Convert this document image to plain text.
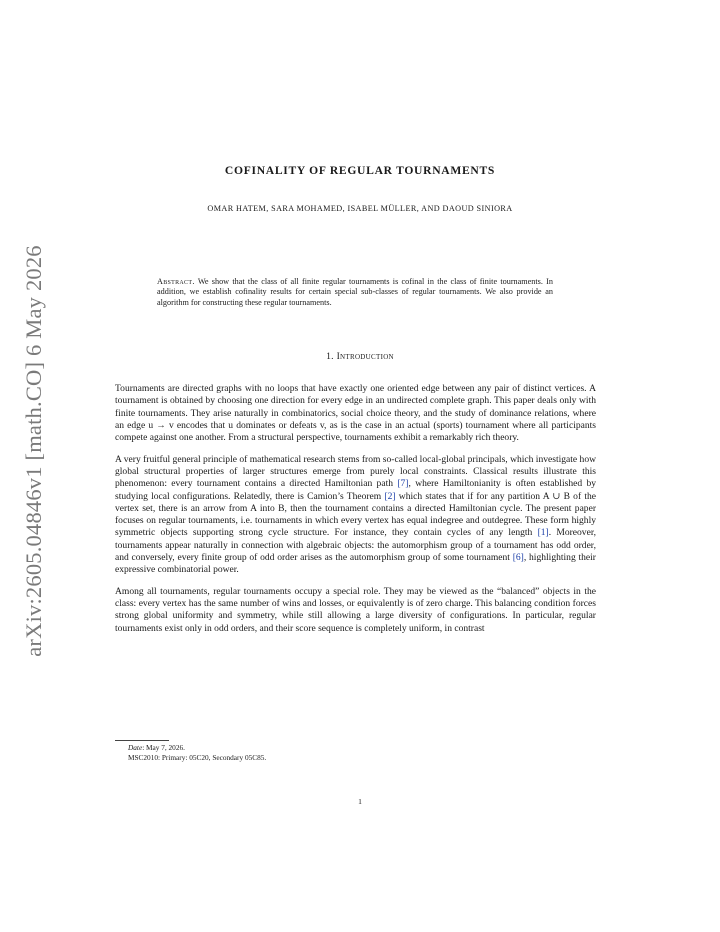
arXiv:2605.04846v1 [math.CO] 6 May 2026
COFINALITY OF REGULAR TOURNAMENTS
OMAR HATEM, SARA MOHAMED, ISABEL MÜLLER, AND DAOUD SINIORA
Abstract. We show that the class of all finite regular tournaments is cofinal in the class of finite tournaments. In addition, we establish cofinality results for certain special sub-classes of regular tournaments. We also provide an algorithm for constructing these regular tournaments.
1. Introduction

Tournaments are directed graphs with no loops that have exactly one oriented edge between any pair of distinct vertices. A tournament is obtained by choosing one direction for every edge in an undirected complete graph. This paper deals only with finite tournaments. They arise naturally in combinatorics, social choice theory, and the study of dominance relations, where an edge u → v encodes that u dominates or defeats v, as is the case in an actual (sports) tournament where all participants compete against one another. From a structural perspective, tournaments exhibit a remarkably rich theory.

A very fruitful general principle of mathematical research stems from so-called local-global principals, which investigate how global structural properties of larger structures emerge from purely local constraints. Classical results illustrate this phenomenon: every tournament contains a directed Hamiltonian path [7], where Hamiltonianity is often established by studying local configurations. Relatedly, there is Camion’s Theorem [2] which states that if for any partition A ∪ B of the vertex set, there is an arrow from A into B, then the tournament contains a directed Hamiltonian cycle. The present paper focuses on regular tournaments, i.e. tournaments in which every vertex has equal indegree and outdegree. These form highly symmetric objects supporting strong cycle structure. For instance, they contain cycles of any length [1]. Moreover, tournaments appear naturally in connection with algebraic objects: the automorphism group of a tournament has odd order, and conversely, every finite group of odd order arises as the automorphism group of some tournament [6], highlighting their expressive combinatorial power.

Among all tournaments, regular tournaments occupy a special role. They may be viewed as the “balanced” objects in the class: every vertex has the same number of wins and losses, or equivalently is of zero charge. This balancing condition forces strong global uniformity and symmetry, while still allowing a large diversity of configurations. In particular, regular tournaments exist only in odd orders, and their score sequence is completely uniform, in contrast

Date: May 7, 2026.
MSC2010: Primary: 05C20, Secondary 05C85.
1
